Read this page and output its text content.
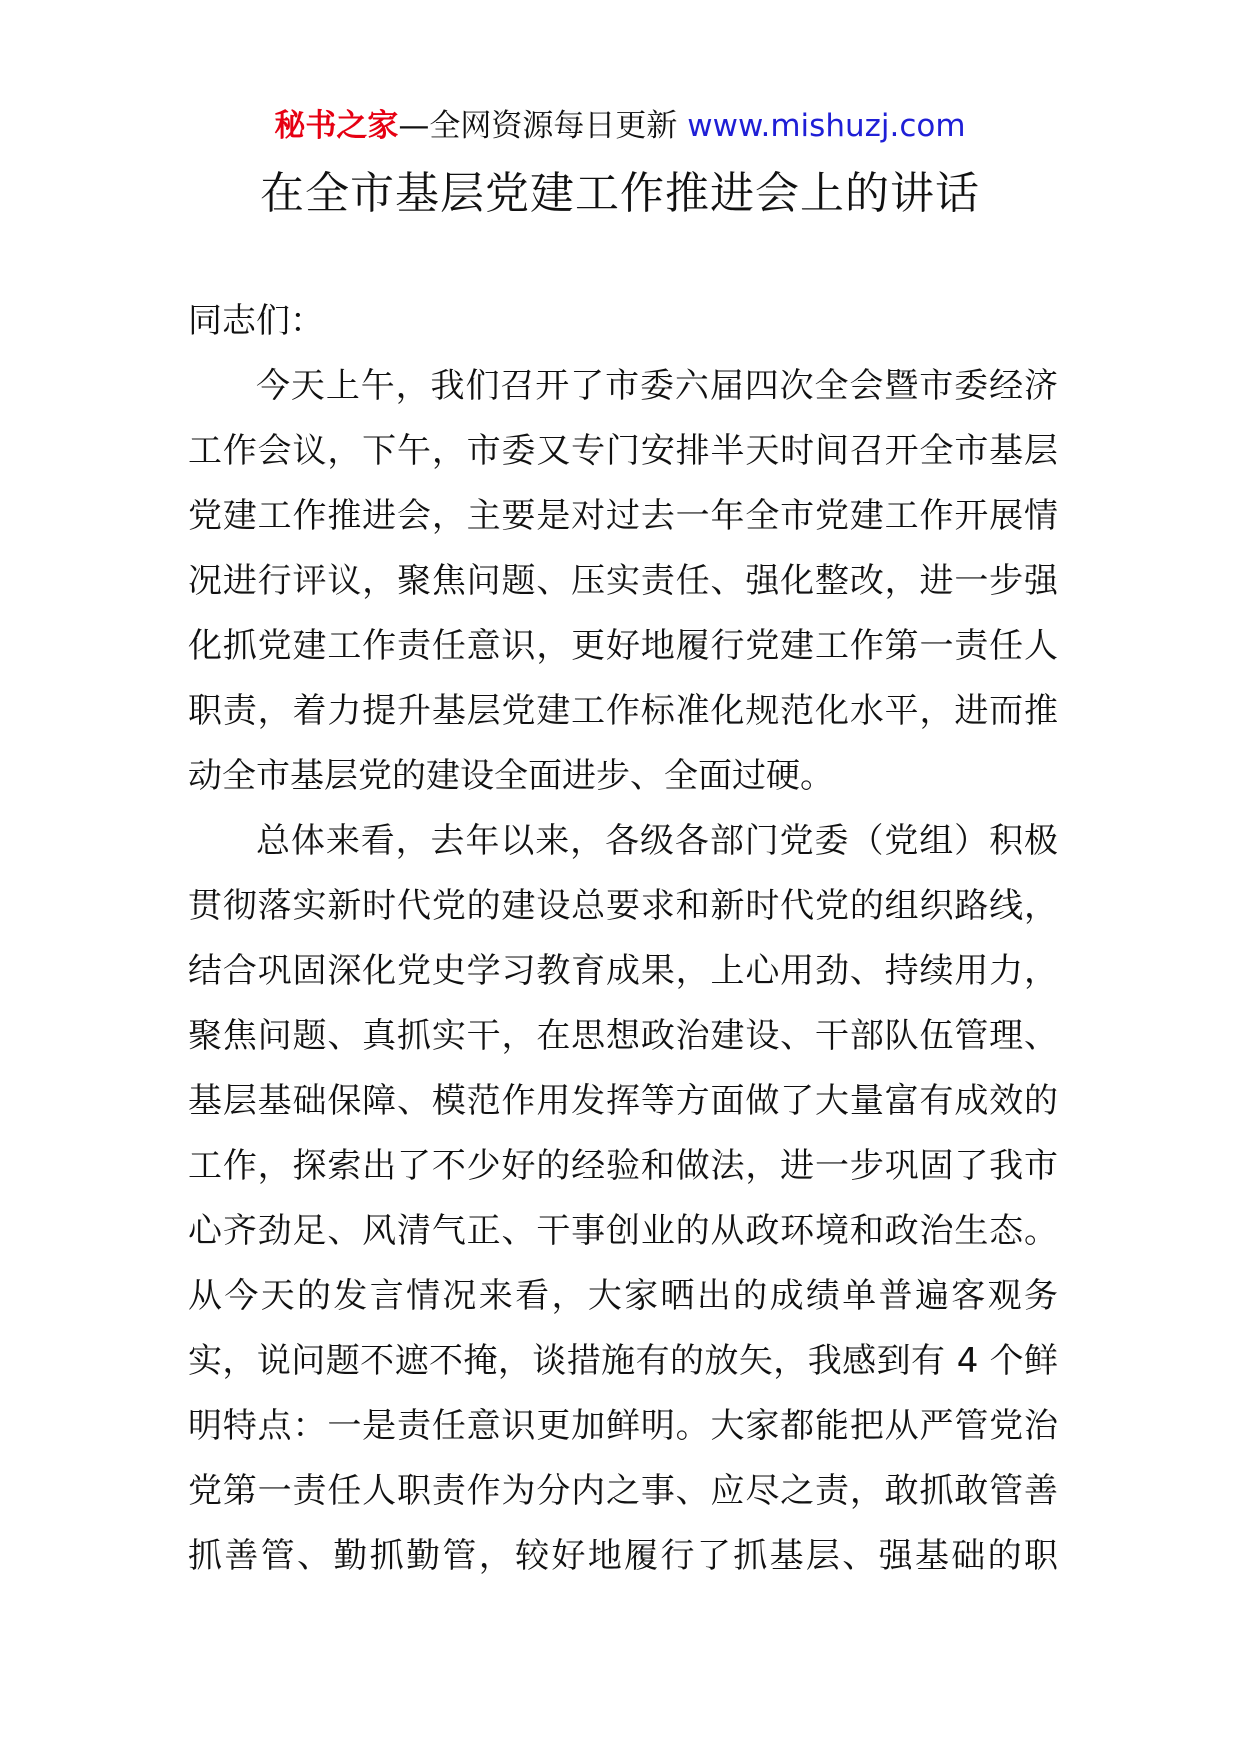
秘书之家—全网资源每日更新 www.mishuzj.com
在全市基层党建工作推进会上的讲话
同志们：
今天上午，我们召开了市委六届四次全会暨市委经济
工作会议，下午，市委又专门安排半天时间召开全市基层
党建工作推进会，主要是对过去一年全市党建工作开展情
况进行评议，聚焦问题、压实责任、强化整改，进一步强
化抓党建工作责任意识，更好地履行党建工作第一责任人
职责，着力提升基层党建工作标准化规范化水平，进而推
动全市基层党的建设全面进步、全面过硬。
总体来看，去年以来，各级各部门党委（党组）积极
贯彻落实新时代党的建设总要求和新时代党的组织路线，
结合巩固深化党史学习教育成果，上心用劲、持续用力，
聚焦问题、真抓实干，在思想政治建设、干部队伍管理、
基层基础保障、模范作用发挥等方面做了大量富有成效的
工作，探索出了不少好的经验和做法，进一步巩固了我市
心齐劲足、风清气正、干事创业的从政环境和政治生态。
从今天的发言情况来看，大家晒出的成绩单普遍客观务
实，说问题不遮不掩，谈措施有的放矢，我感到有 4 个鲜
明特点：一是责任意识更加鲜明。大家都能把从严管党治
党第一责任人职责作为分内之事、应尽之责，敢抓敢管善
抓善管、勤抓勤管，较好地履行了抓基层、强基础的职
